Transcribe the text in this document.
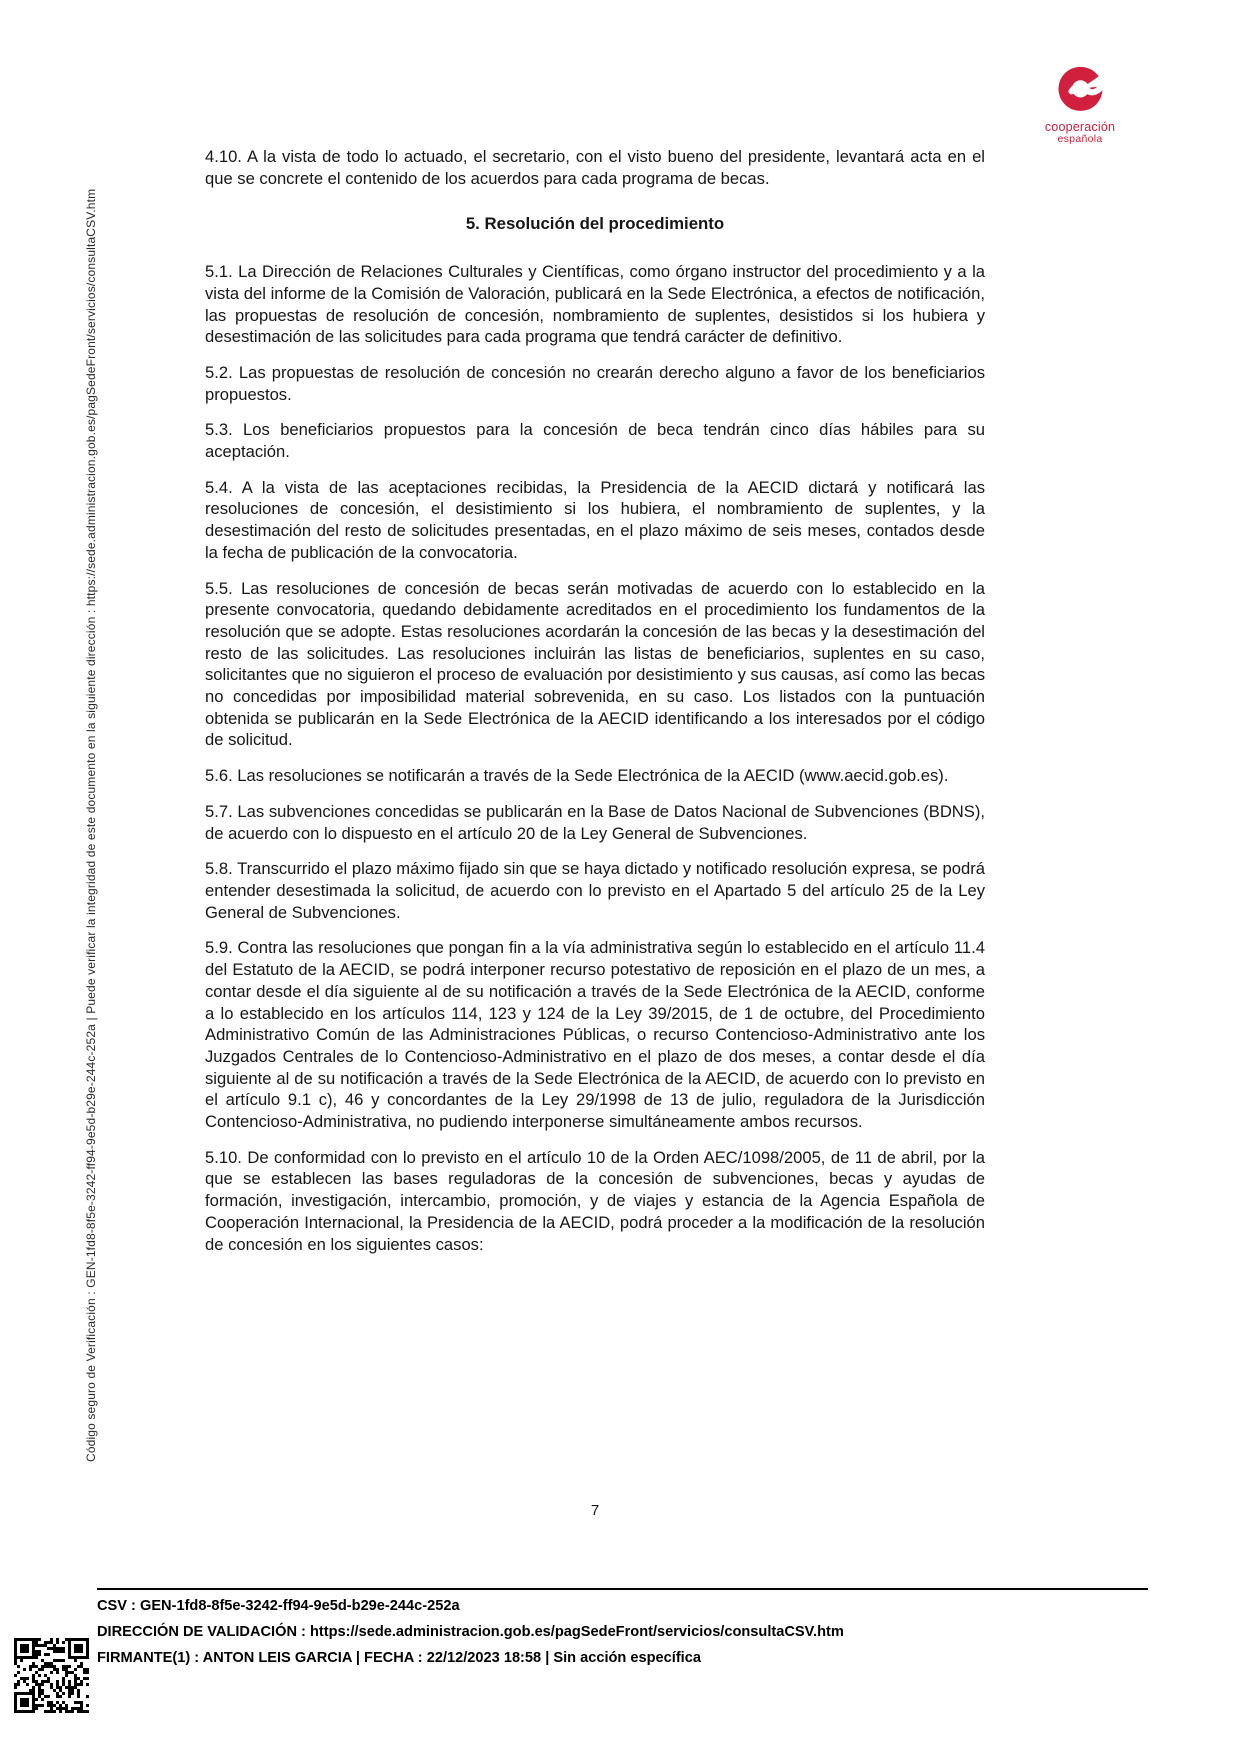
cooperación
española
Código seguro de Verificación : GEN-1fd8-8f5e-3242-ff94-9e5d-b29e-244c-252a | Puede verificar la integridad de este documento en la siguiente dirección : https://sede.administracion.gob.es/pagSedeFront/servicios/consultaCSV.htm

4.10. A la vista de todo lo actuado, el secretario, con el visto bueno del presidente, levantará acta en el que se concrete el contenido de los acuerdos para cada programa de becas.

5. Resolución del procedimiento

5.1. La Dirección de Relaciones Culturales y Científicas, como órgano instructor del procedimiento y a la vista del informe de la Comisión de Valoración, publicará en la Sede Electrónica, a efectos de notificación, las propuestas de resolución de concesión, nombramiento de suplentes, desistidos si los hubiera y desestimación de las solicitudes para cada programa que tendrá carácter de definitivo.

5.2. Las propuestas de resolución de concesión no crearán derecho alguno a favor de los beneficiarios propuestos.

5.3. Los beneficiarios propuestos para la concesión de beca tendrán cinco días hábiles para su aceptación.

5.4. A la vista de las aceptaciones recibidas, la Presidencia de la AECID dictará y notificará las resoluciones de concesión, el desistimiento si los hubiera, el nombramiento de suplentes, y la desestimación del resto de solicitudes presentadas, en el plazo máximo de seis meses, contados desde la fecha de publicación de la convocatoria.

5.5. Las resoluciones de concesión de becas serán motivadas de acuerdo con lo establecido en la presente convocatoria, quedando debidamente acreditados en el procedimiento los fundamentos de la resolución que se adopte. Estas resoluciones acordarán la concesión de las becas y la desestimación del resto de las solicitudes. Las resoluciones incluirán las listas de beneficiarios, suplentes en su caso, solicitantes que no siguieron el proceso de evaluación por desistimiento y sus causas, así como las becas no concedidas por imposibilidad material sobrevenida, en su caso. Los listados con la puntuación obtenida se publicarán en la Sede Electrónica de la AECID identificando a los interesados por el código de solicitud.

5.6. Las resoluciones se notificarán a través de la Sede Electrónica de la AECID (www.aecid.gob.es).

5.7. Las subvenciones concedidas se publicarán en la Base de Datos Nacional de Subvenciones (BDNS), de acuerdo con lo dispuesto en el artículo 20 de la Ley General de Subvenciones.

5.8. Transcurrido el plazo máximo fijado sin que se haya dictado y notificado resolución expresa, se podrá entender desestimada la solicitud, de acuerdo con lo previsto en el Apartado 5 del artículo 25 de la Ley General de Subvenciones.

5.9. Contra las resoluciones que pongan fin a la vía administrativa según lo establecido en el artículo 11.4 del Estatuto de la AECID, se podrá interponer recurso potestativo de reposición en el plazo de un mes, a contar desde el día siguiente al de su notificación a través de la Sede Electrónica de la AECID, conforme a lo establecido en los artículos 114, 123 y 124 de la Ley 39/2015, de 1 de octubre, del Procedimiento Administrativo Común de las Administraciones Públicas, o recurso Contencioso-Administrativo ante los Juzgados Centrales de lo Contencioso-Administrativo en el plazo de dos meses, a contar desde el día siguiente al de su notificación a través de la Sede Electrónica de la AECID, de acuerdo con lo previsto en el artículo 9.1 c), 46 y concordantes de la Ley 29/1998 de 13 de julio, reguladora de la Jurisdicción Contencioso-Administrativa, no pudiendo interponerse simultáneamente ambos recursos.

5.10. De conformidad con lo previsto en el artículo 10 de la Orden AEC/1098/2005, de 11 de abril, por la que se establecen las bases reguladoras de la concesión de subvenciones, becas y ayudas de formación, investigación, intercambio, promoción, y de viajes y estancia de la Agencia Española de Cooperación Internacional, la Presidencia de la AECID, podrá proceder a la modificación de la resolución de concesión en los siguientes casos:

7
CSV : GEN-1fd8-8f5e-3242-ff94-9e5d-b29e-244c-252a
DIRECCIÓN DE VALIDACIÓN : https://sede.administracion.gob.es/pagSedeFront/servicios/consultaCSV.htm
FIRMANTE(1) : ANTON LEIS GARCIA | FECHA : 22/12/2023 18:58 | Sin acción específica
